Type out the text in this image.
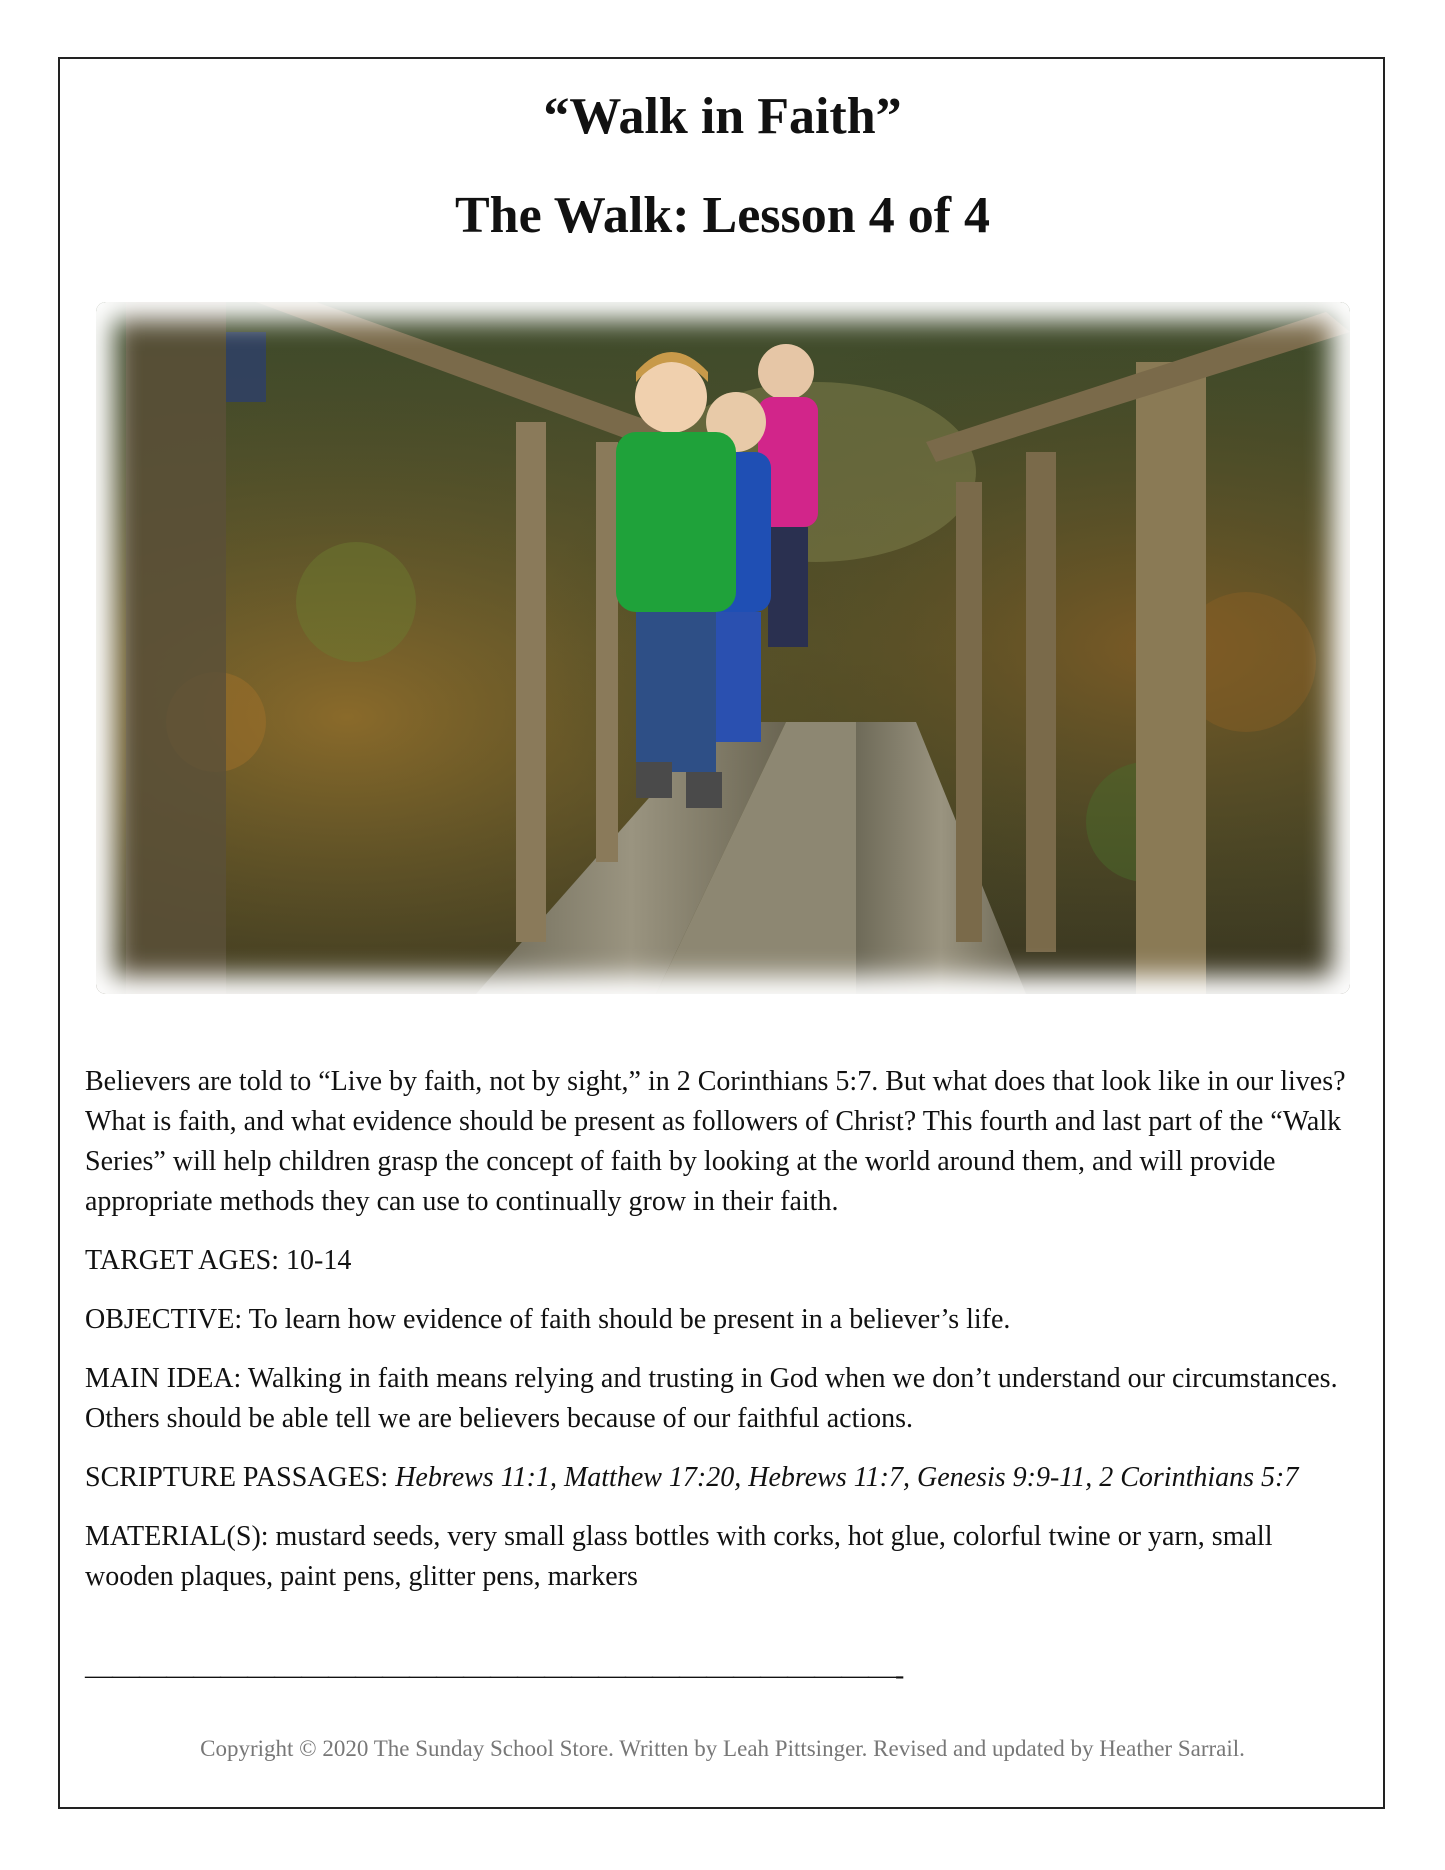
“Walk in Faith”
The Walk: Lesson 4 of 4

Believers are told to “Live by faith, not by sight,” in 2 Corinthians 5:7. But what does that look like in our lives? What is faith, and what evidence should be present as followers of Christ? This fourth and last part of the “Walk Series” will help children grasp the concept of faith by looking at the world around them, and will provide appropriate methods they can use to continually grow in their faith.

TARGET AGES: 10-14

OBJECTIVE: To learn how evidence of faith should be present in a believer’s life.

MAIN IDEA: Walking in faith means relying and trusting in God when we don’t understand our circumstances. Others should be able tell we are believers because of our faithful actions.

SCRIPTURE PASSAGES: Hebrews 11:1, Matthew 17:20, Hebrews 11:7, Genesis 9:9-11, 2 Corinthians 5:7

MATERIAL(S): mustard seeds, very small glass bottles with corks, hot glue, colorful twine or yarn, small wooden plaques, paint pens, glitter pens, markers

——————————————————————————————-
Copyright © 2020 The Sunday School Store. Written by Leah Pittsinger. Revised and updated by Heather Sarrail.
